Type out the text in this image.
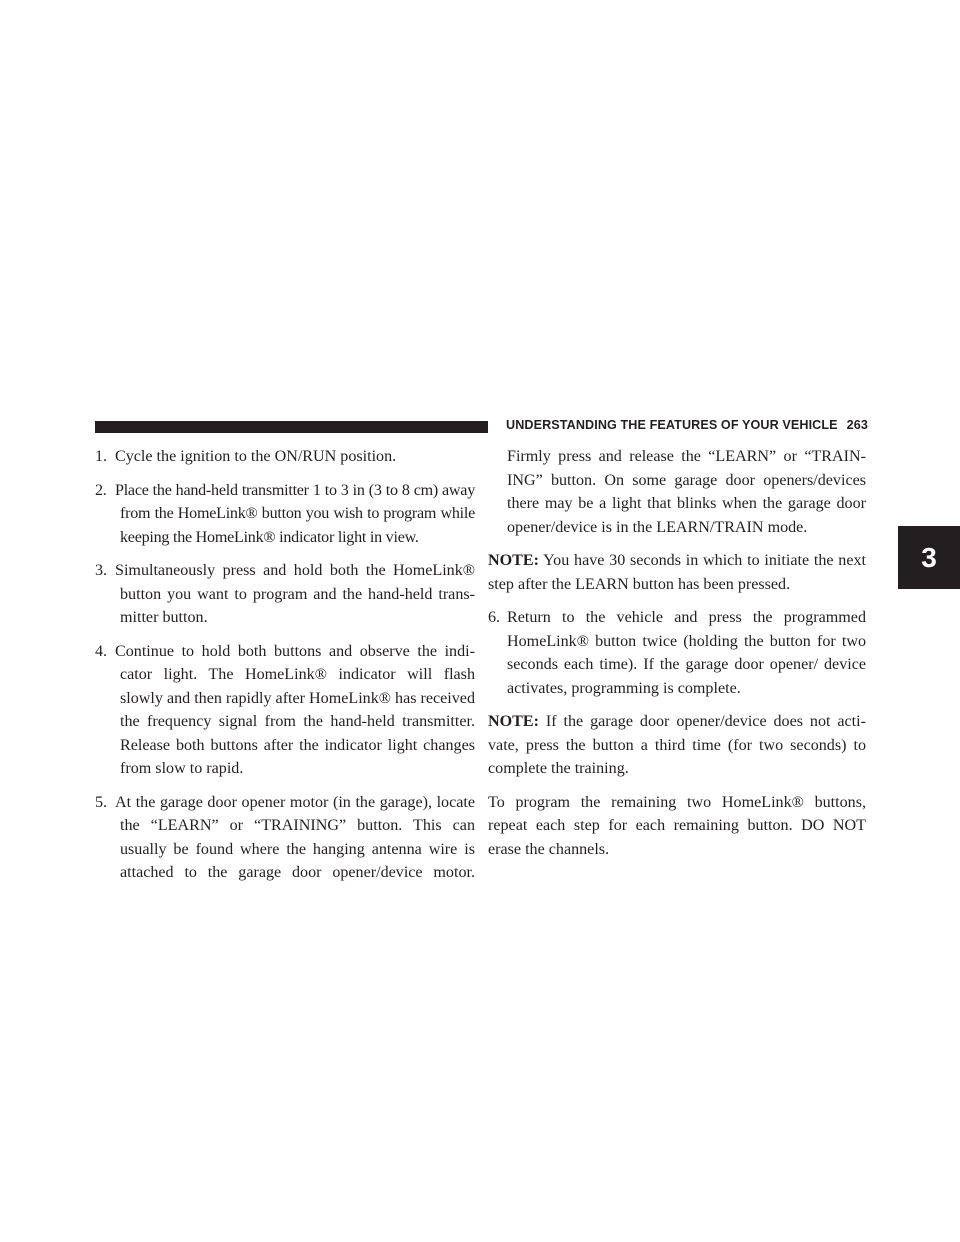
UNDERSTANDING THE FEATURES OF YOUR VEHICLE 263
3

1. Cycle the ignition to the ON/RUN position.

2. Place the hand-held transmitter 1 to 3 in (3 to 8 cm) away from the HomeLink® button you wish to program while keeping the HomeLink® indicator light in view.

3. Simultaneously press and hold both the HomeLink® button you want to program and the hand-held trans-mitter button.

4. Continue to hold both buttons and observe the indi-cator light. The HomeLink® indicator will flash slowly and then rapidly after HomeLink® has received the frequency signal from the hand-held transmitter. Release both buttons after the indicator light changes from slow to rapid.

5. At the garage door opener motor (in the garage), locate the “LEARN” or “TRAINING” button. This can usually be found where the hanging antenna wire is attached to the garage door opener/device motor.

Firmly press and release the “LEARN” or “TRAIN-ING” button. On some garage door openers/devices there may be a light that blinks when the garage door opener/device is in the LEARN/TRAIN mode.

NOTE: You have 30 seconds in which to initiate the next step after the LEARN button has been pressed.

6. Return to the vehicle and press the programmed HomeLink® button twice (holding the button for two seconds each time). If the garage door opener/ device activates, programming is complete.

NOTE: If the garage door opener/device does not acti-vate, press the button a third time (for two seconds) to complete the training.

To program the remaining two HomeLink® buttons, repeat each step for each remaining button. DO NOT erase the channels.
